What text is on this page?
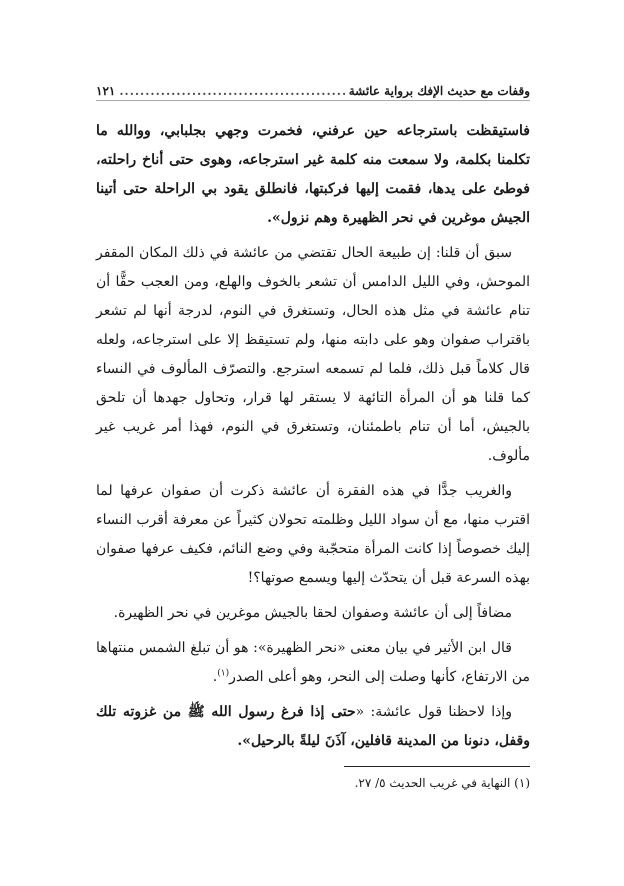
وقفات مع حديث الإفك برواية عائشة
.....
١٢١

فاستيقظت باسترجاعه حين عرفني، فخمرت وجهي بجلبابي، ووالله ما تكلمنا بكلمة، ولا سمعت منه كلمة غير استرجاعه، وهوى حتى أناخ راحلته، فوطئ على يدها، فقمت إليها فركبتها، فانطلق يقود بي الراحلة حتى أتينا الجيش موغرين في نحر الظهيرة وهم نزول».

سبق أن قلنا: إن طبيعة الحال تقتضي من عائشة في ذلك المكان المقفر الموحش، وفي الليل الدامس أن تشعر بالخوف والهلع، ومن العجب حقًّا أن تنام عائشة في مثل هذه الحال، وتستغرق في النوم، لدرجة أنها لم تشعر باقتراب صفوان وهو على دابته منها، ولم تستيقظ إلا على استرجاعه، ولعله قال كلاماً قبل ذلك، فلما لم تسمعه استرجع. والتصرّف المألوف في النساء كما قلنا هو أن المرأة التائهة لا يستقر لها قرار، وتحاول جهدها أن تلحق بالجيش، أما أن تنام باطمئنان، وتستغرق في النوم، فهذا أمر غريب غير مألوف.

والغريب جدًّا في هذه الفقرة أن عائشة ذكرت أن صفوان عرفها لما اقترب منها، مع أن سواد الليل وظلمته تحولان كثيراً عن معرفة أقرب النساء إليك خصوصاً إذا كانت المرأة متحجّبة وفي وضع النائم، فكيف عرفها صفوان بهذه السرعة قبل أن يتحدّث إليها ويسمع صوتها؟!

مضافاً إلى أن عائشة وصفوان لحقا بالجيش موغرين في نحر الظهيرة.

قال ابن الأثير في بيان معنى «نحر الظهيرة»: هو أن تبلغ الشمس منتهاها من الارتفاع، كأنها وصلت إلى النحر، وهو أعلى الصدر$^{(١)}$.

وإذا لاحظنا قول عائشة: «حتى إذا فرغ رسول الله ﷺ من غزوته تلك وقفل، دنونا من المدينة قافلين، آذَنَ ليلةً بالرحيل».

(١) النهاية في غريب الحديث ٥/ ٢٧.
